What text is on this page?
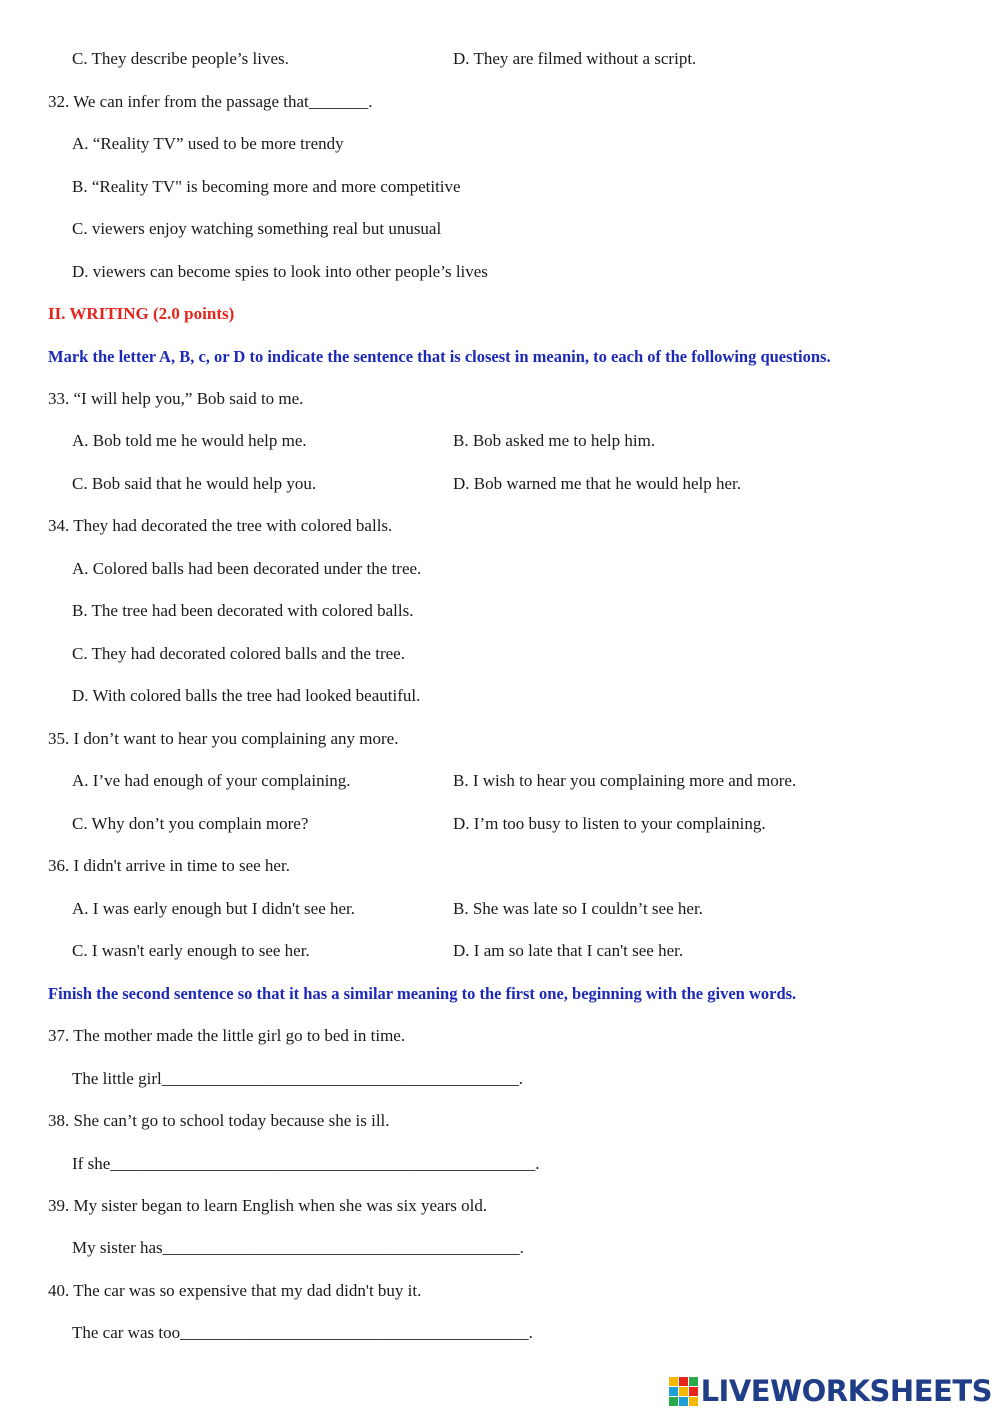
C. They describe people’s lives.	D. They are filmed without a script.
32. We can infer from the passage that_______.
A. “Reality TV” used to be more trendy
B. “Reality TV" is becoming more and more competitive
C. viewers enjoy watching something real but unusual
D. viewers can become spies to look into other people’s lives
II. WRITING (2.0 points)
Mark the letter A, B, c, or D to indicate the sentence that is closest in meanin, to each of the following questions.
33. “I will help you,” Bob said to me.
A. Bob told me he would help me.	B. Bob asked me to help him.
C. Bob said that he would help you.	D. Bob warned me that he would help her.
34. They had decorated the tree with colored balls.
A. Colored balls had been decorated under the tree.
B. The tree had been decorated with colored balls.
C. They had decorated colored balls and the tree.
D. With colored balls the tree had looked beautiful.
35. I don’t want to hear you complaining any more.
A. I’ve had enough of your complaining.	B. I wish to hear you complaining more and more.
C. Why don’t you complain more?	D. I’m too busy to listen to your complaining.
36. I didn't arrive in time to see her.
A. I was early enough but I didn't see her.	B. She was late so I couldn’t see her.
C. I wasn't early enough to see her.	D. I am so late that I can't see her.
Finish the second sentence so that it has a similar meaning to the first one, beginning with the given words.
37. The mother made the little girl go to bed in time.
The little girl__________________________________________.
38. She can’t go to school today because she is ill.
If she__________________________________________________.
39. My sister began to learn English when she was six years old.
My sister has__________________________________________.
40. The car was so expensive that my dad didn't buy it.
The car was too_________________________________________.
LIVEWORKSHEETS
